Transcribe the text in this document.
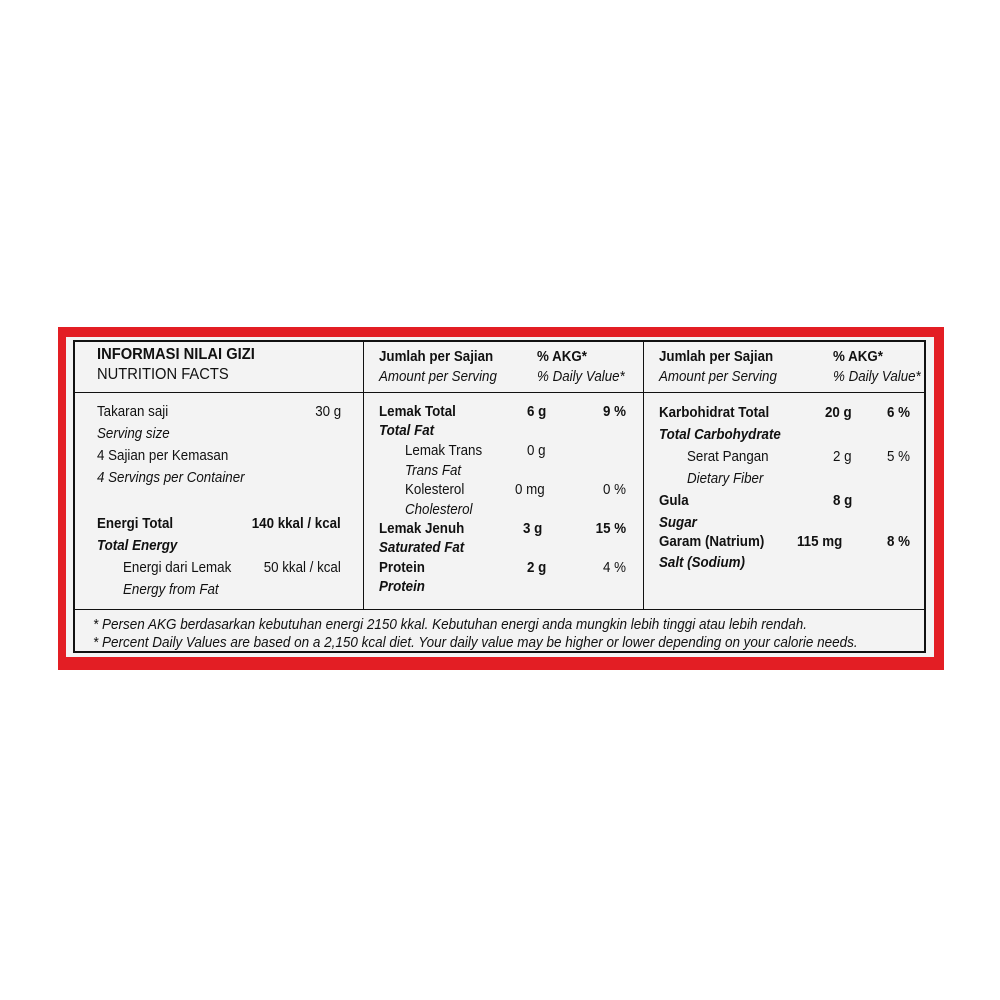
INFORMASI NILAI GIZI
NUTRITION FACTS
Jumlah per Sajian
Amount per Serving
% AKG*
% Daily Value*
Jumlah per Sajian
Amount per Serving
% AKG*
% Daily Value*
Takaran saji	30 g
Serving size
4 Sajian per Kemasan
4 Servings per Container
Energi Total	140 kkal / kcal
Total Energy
Energi dari Lemak 50 kkal / kcal
Energy from Fat
Lemak Total	6 g	9 %
Total Fat
Lemak Trans	0 g
Trans Fat
Kolesterol	0 mg	0 %
Cholesterol
Lemak Jenuh	3 g	15 %
Saturated Fat
Protein	2 g	4 %
Protein
Karbohidrat Total	20 g 6 %
Total Carbohydrate
Serat Pangan	2 g 5 %
Dietary Fiber
Gula	8 g
Sugar
Garam (Natrium) 115 mg	8 %
Salt (Sodium)
* Persen AKG berdasarkan kebutuhan energi 2150 kkal. Kebutuhan energi anda mungkin lebih tinggi atau lebih rendah.
* Percent Daily Values are based on a 2,150 kcal diet. Your daily value may be higher or lower depending on your calorie needs.
